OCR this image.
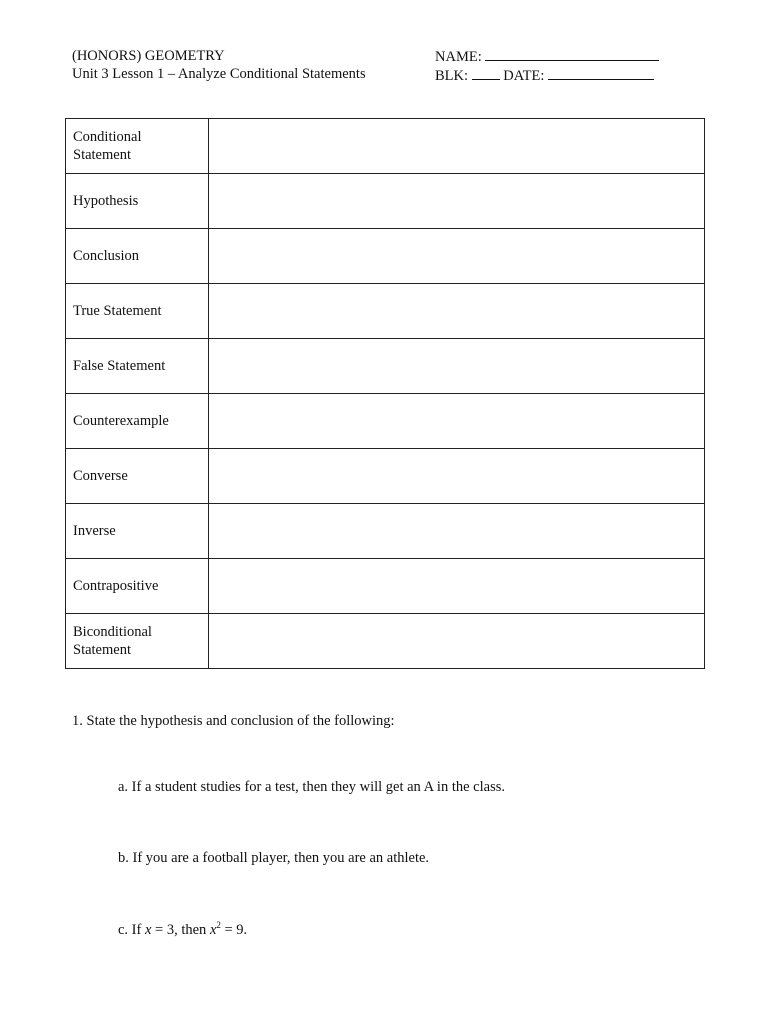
(HONORS) GEOMETRY
Unit 3 Lesson 1 – Analyze Conditional Statements
NAME:
BLK: DATE:
Conditional
Statement	

Hypothesis	

Conclusion	

True Statement	

False Statement	

Counterexample	

Converse	

Inverse	

Contrapositive	

Biconditional
Statement	

1. State the hypothesis and conclusion of the following:
a. If a student studies for a test, then they will get an A in the class.
b. If you are a football player, then you are an athlete.
c. If x = 3, then $x^2 = 9$.
